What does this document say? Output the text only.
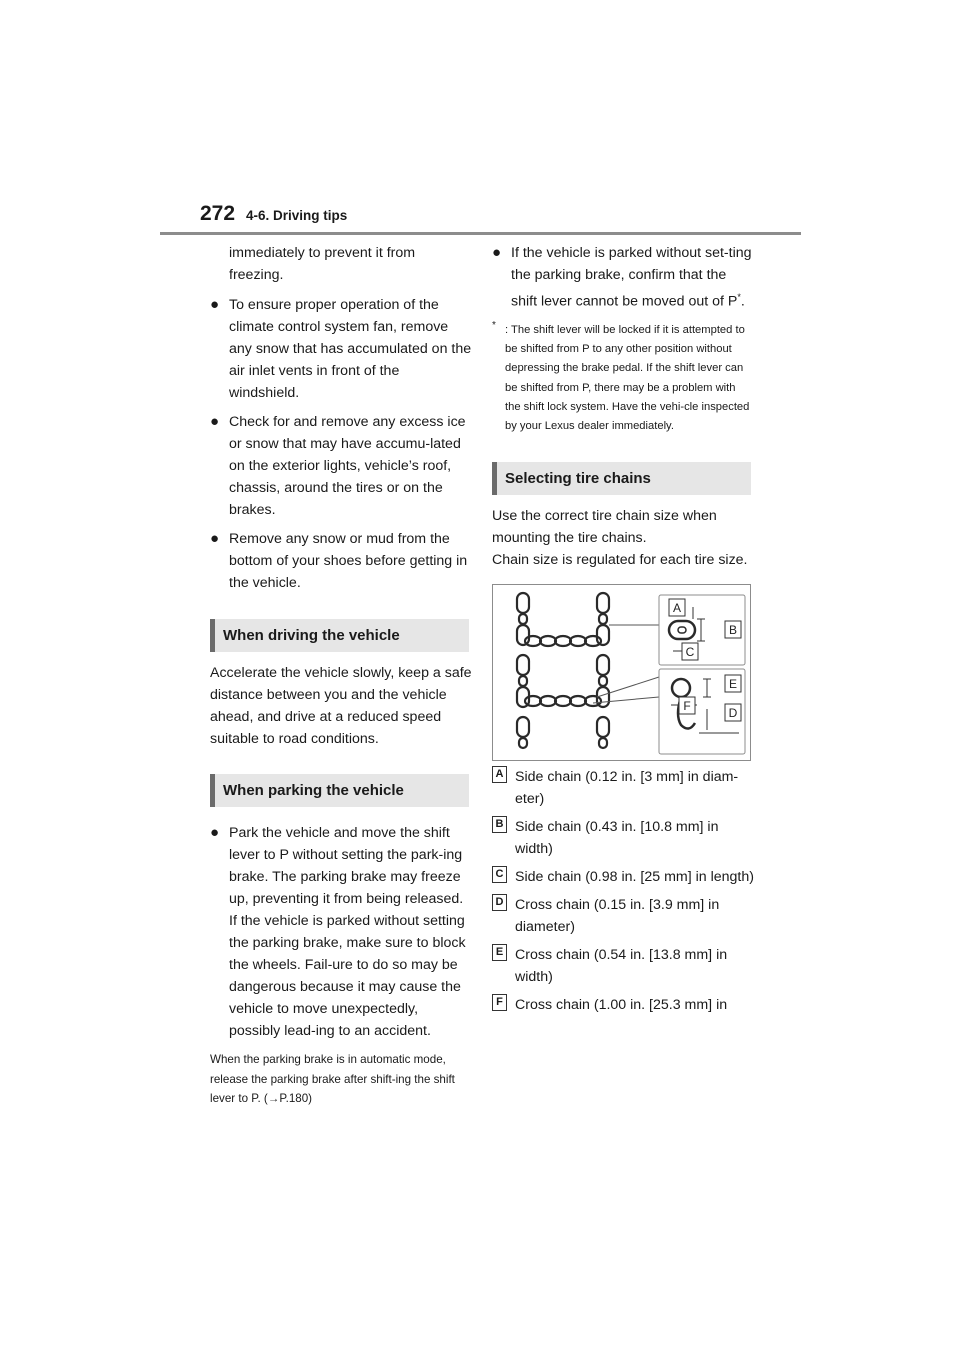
272 4-6. Driving tips

immediately to prevent it from freezing.

● To ensure proper operation of the climate control system fan, remove any snow that has accumulated on the air inlet vents in front of the windshield.
● Check for and remove any excess ice or snow that may have accumu-lated on the exterior lights, vehicle’s roof, chassis, around the tires or on the brakes.
● Remove any snow or mud from the bottom of your shoes before getting in the vehicle.
When driving the vehicle

Accelerate the vehicle slowly, keep a safe distance between you and the vehicle ahead, and drive at a reduced speed suitable to road conditions.

When parking the vehicle
● Park the vehicle and move the shift lever to P without setting the park-ing brake. The parking brake may freeze up, preventing it from being released. If the vehicle is parked without setting the parking brake, make sure to block the wheels. Fail-ure to do so may be dangerous because it may cause the vehicle to move unexpectedly, possibly lead-ing to an accident.

When the parking brake is in automatic mode, release the parking brake after shift-ing the shift lever to P. (→P.180)

● If the vehicle is parked without set-ting the parking brake, confirm that the shift lever cannot be moved out of P*.
* : The shift lever will be locked if it is attempted to be shifted from P to any other position without depressing the brake pedal. If the shift lever can be shifted from P, there may be a problem with the shift lock system. Have the vehi-cle inspected by your Lexus dealer immediately.
Selecting tire chains

Use the correct tire chain size when mounting the tire chains.

Chain size is regulated for each tire size.

A
B
C
E
F	D
A Side chain (0.12 in. [3 mm] in diam-eter)
B Side chain (0.43 in. [10.8 mm] in width)
C Side chain (0.98 in. [25 mm] in length)
D Cross chain (0.15 in. [3.9 mm] in diameter)
E Cross chain (0.54 in. [13.8 mm] in width)
F Cross chain (1.00 in. [25.3 mm] in
